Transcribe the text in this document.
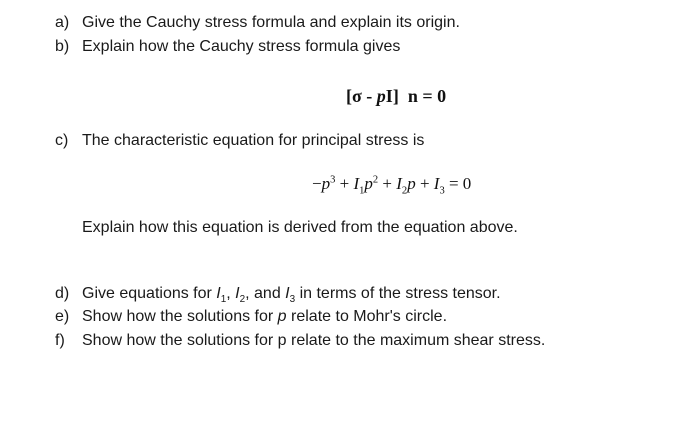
a) Give the Cauchy stress formula and explain its origin.
b) Explain how the Cauchy stress formula gives
[σ - pI] n = 0
c) The characteristic equation for principal stress is
$-p^3 + I_1p^2 + I_2p + I_3 = 0$
Explain how this equation is derived from the equation above.
d) Give equations for $I_1$, $I_2$, and $I_3$ in terms of the stress tensor.
e) Show how the solutions for p relate to Mohr's circle.
f) Show how the solutions for p relate to the maximum shear stress.
